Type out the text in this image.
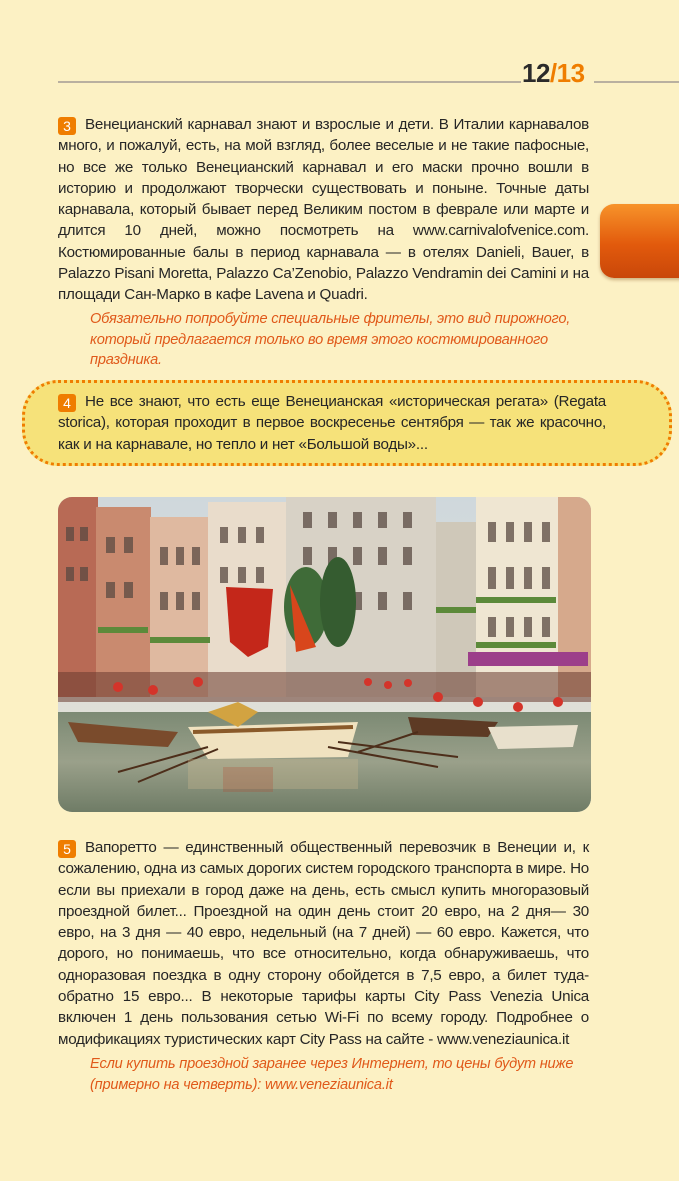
12/13
3 Венецианский карнавал знают и взрослые и дети. В Италии карнавалов много, и пожалуй, есть, на мой взгляд, более веселые и не такие пафосные, но все же только Венецианский карнавал и его маски прочно вошли в историю и продолжают творчески существовать и поныне. Точные даты карнавала, который бывает перед Великим постом в феврале или марте и длится 10 дней, можно посмотреть на www.carnivalofvenice.com. Костюмированные балы в период карнавала — в отелях Danieli, Bauer, в Palazzo Pisani Moretta, Palazzo Ca’Zenobio, Palazzo Vendramin dei Camini и на площади Сан-Марко в кафе Lavena и Quadri.
Обязательно попробуйте специальные фрителы, это вид пирожного, который предлагается только во время этого костюмированного праздника.
4 Не все знают, что есть еще Венецианская «историческая регата» (Regata storica), которая проходит в первое воскресенье сентября — так же красочно, как и на карнавале, но тепло и нет «Большой воды»...
5 Вапоретто — единственный общественный перевозчик в Венеции и, к сожалению, одна из самых дорогих систем городского транспорта в мире. Но если вы приехали в город даже на день, есть смысл купить многоразовый проездной билет... Проездной на один день стоит 20 евро, на 2 дня— 30 евро, на 3 дня — 40 евро, недельный (на 7 дней) — 60 евро. Кажется, что дорого, но понимаешь, что все относительно, когда обнаруживаешь, что одноразовая поездка в одну сторону обойдется в 7,5 евро, а билет туда-обратно 15 евро... В некоторые тарифы карты City Pass Venezia Unica включен 1 день пользования сетью Wi-Fi по всему городу. Подробнее о модификациях туристических карт City Pass на сайте - www.veneziaunica.it
Если купить проездной заранее через Интернет, то цены будут ниже (примерно на четверть): www.veneziaunica.it
